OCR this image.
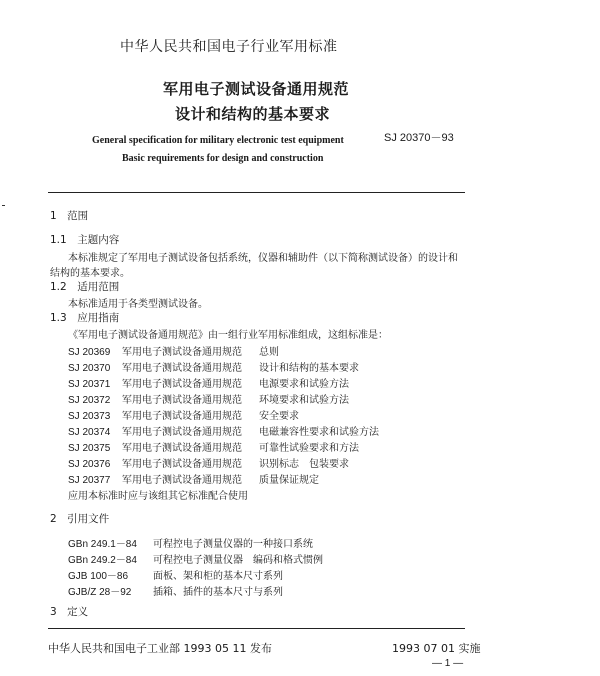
中华人民共和国电子行业军用标准
军用电子测试设备通用规范
设计和结构的基本要求
General specification for military electronic test equipment
Basic requirements for design and construction
SJ 20370－93
1　范围
1.1　主题内容
本标准规定了军用电子测试设备包括系统，仪器和辅助件（以下简称测试设备）的设计和
结构的基本要求。
1.2　适用范围
本标准适用于各类型测试设备。
1.3　应用指南
《军用电子测试设备通用规范》由一组行业军用标准组成，这组标准是：
SJ 20369 军用电子测试设备通用规范 总则
SJ 20370 军用电子测试设备通用规范 设计和结构的基本要求
SJ 20371 军用电子测试设备通用规范 电源要求和试验方法
SJ 20372 军用电子测试设备通用规范 环境要求和试验方法
SJ 20373 军用电子测试设备通用规范 安全要求
SJ 20374 军用电子测试设备通用规范 电磁兼容性要求和试验方法
SJ 20375 军用电子测试设备通用规范 可靠性试验要求和方法
SJ 20376 军用电子测试设备通用规范 识别标志　包装要求
SJ 20377 军用电子测试设备通用规范 质量保证规定
应用本标准时应与该组其它标准配合使用
2　引用文件
GBn 249.1－84 可程控电子测量仪器的一种接口系统
GBn 249.2－84 可程控电子测量仪器　编码和格式惯例
GJB 100－86 面板、架和柜的基本尺寸系列
GJB/Z 28－92 插箱、插件的基本尺寸与系列
3　定义
中华人民共和国电子工业部 1993 05 11 发布	1993 07 01 实施
— 1 —
